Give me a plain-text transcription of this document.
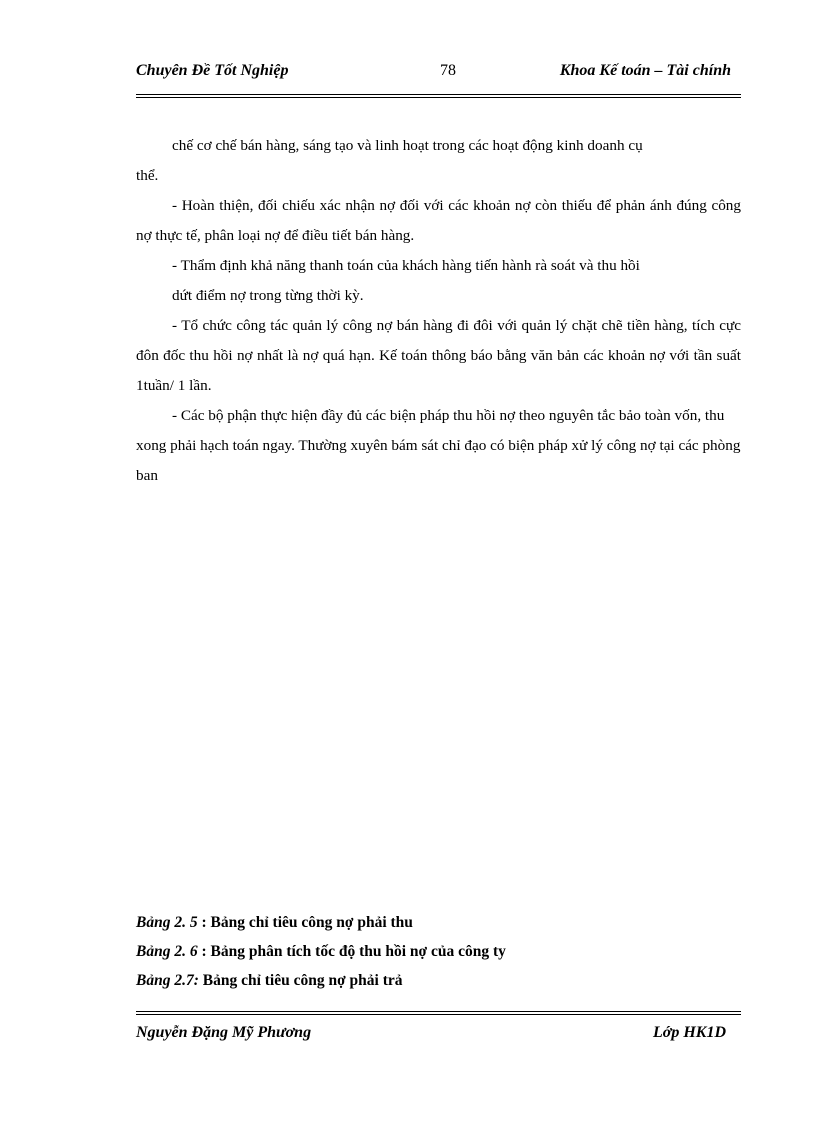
Chuyên Đề Tốt Nghiệp	78	Khoa Kế toán – Tài chính

chế cơ chế bán hàng, sáng tạo và linh hoạt trong các hoạt động kinh doanh cụ

thể.

- Hoàn thiện, đối chiếu xác nhận nợ đối với các khoản nợ còn thiếu để phản ánh đúng công nợ thực tế, phân loại nợ để điều tiết bán hàng.

- Thẩm định khả năng thanh toán của khách hàng tiến hành rà soát và thu hồi

dứt điểm nợ trong từng thời kỳ.

- Tổ chức công tác quản lý công nợ bán hàng đi đôi với quản lý chặt chẽ tiền hàng, tích cực đôn đốc thu hồi nợ nhất là nợ quá hạn. Kế toán thông báo bằng văn bản các khoản nợ với tần suất 1tuần/ 1 lần.

- Các bộ phận thực hiện đầy đủ các biện pháp thu hồi nợ theo nguyên tắc bảo toàn vốn, thu xong phải hạch toán ngay. Thường xuyên bám sát chỉ đạo có biện pháp xử lý công nợ tại các phòng ban

Bảng 2. 5 : Bảng chỉ tiêu công nợ phải thu
Bảng 2. 6 : Bảng phân tích tốc độ thu hồi nợ của công ty
Bảng 2.7: Bảng chỉ tiêu công nợ phải trả
Nguyễn Đặng Mỹ Phương	Lớp HK1D
